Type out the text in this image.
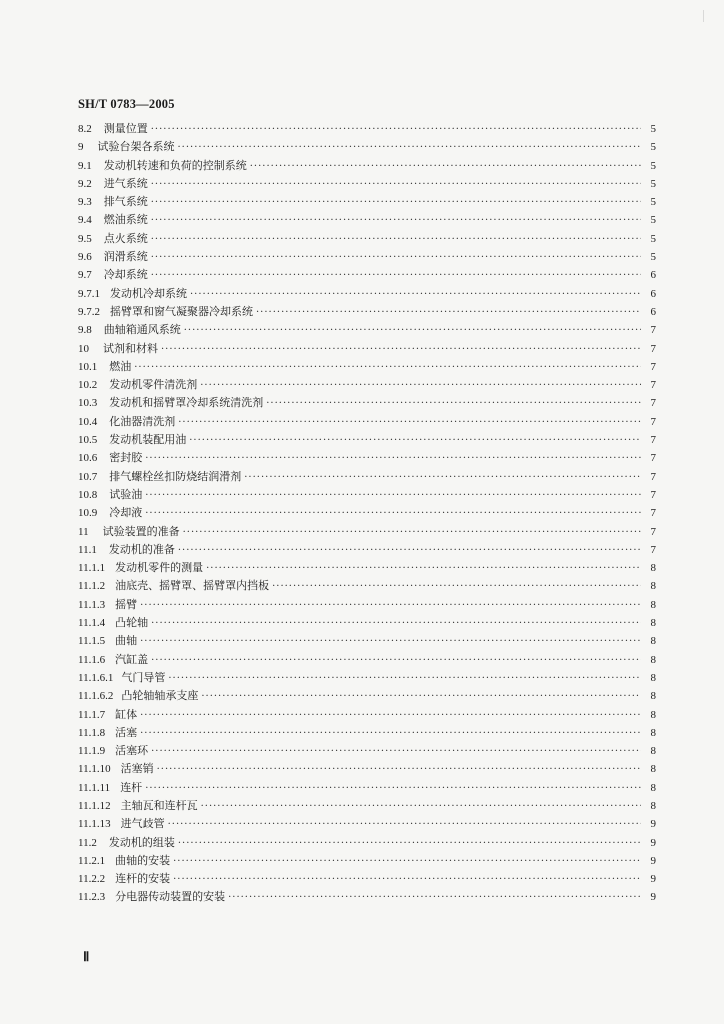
SH/T 0783—2005
8.2 测量位置 ·····	5
9 试验台架各系统 ·····	5
9.1 发动机转速和负荷的控制系统 ·····	5
9.2 进气系统 ·····	5
9.3 排气系统 ·····	5
9.4 燃油系统 ·····	5
9.5 点火系统 ·····	5
9.6 润滑系统 ·····	5
9.7 冷却系统 ·····	6
9.7.1 发动机冷却系统 ·····	6
9.7.2 摇臂罩和窗气凝聚器冷却系统 ·····	6
9.8 曲轴箱通风系统 ·····	7
10 试剂和材料 ·····	7
10.1 燃油 ·····	7
10.2 发动机零件清洗剂 ·····	7
10.3 发动机和摇臂罩冷却系统清洗剂 ·····	7
10.4 化油器清洗剂 ·····	7
10.5 发动机装配用油 ·····	7
10.6 密封胶 ·····	7
10.7 排气螺栓丝扣防烧结润滑剂 ·····	7
10.8 试验油 ·····	7
10.9 冷却液 ·····	7
11 试验装置的准备 ·····	7
11.1 发动机的准备 ·····	7
11.1.1 发动机零件的测量 ·····	8
11.1.2 油底壳、摇臂罩、摇臂罩内挡板 ·····	8
11.1.3 摇臂 ·····	8
11.1.4 凸轮轴 ·····	8
11.1.5 曲轴 ·····	8
11.1.6 汽缸盖 ·····	8
11.1.6.1 气门导管 ·····	8
11.1.6.2 凸轮轴轴承支座 ·····	8
11.1.7 缸体 ·····	8
11.1.8 活塞 ·····	8
11.1.9 活塞环 ·····	8
11.1.10 活塞销 ·····	8
11.1.11 连杆 ·····	8
11.1.12 主轴瓦和连杆瓦 ·····	8
11.1.13 进气歧管 ·····	9
11.2 发动机的组装 ·····	9
11.2.1 曲轴的安装 ·····	9
11.2.2 连杆的安装 ·····	9
11.2.3 分电器传动装置的安装 ·····	9
Ⅱ
